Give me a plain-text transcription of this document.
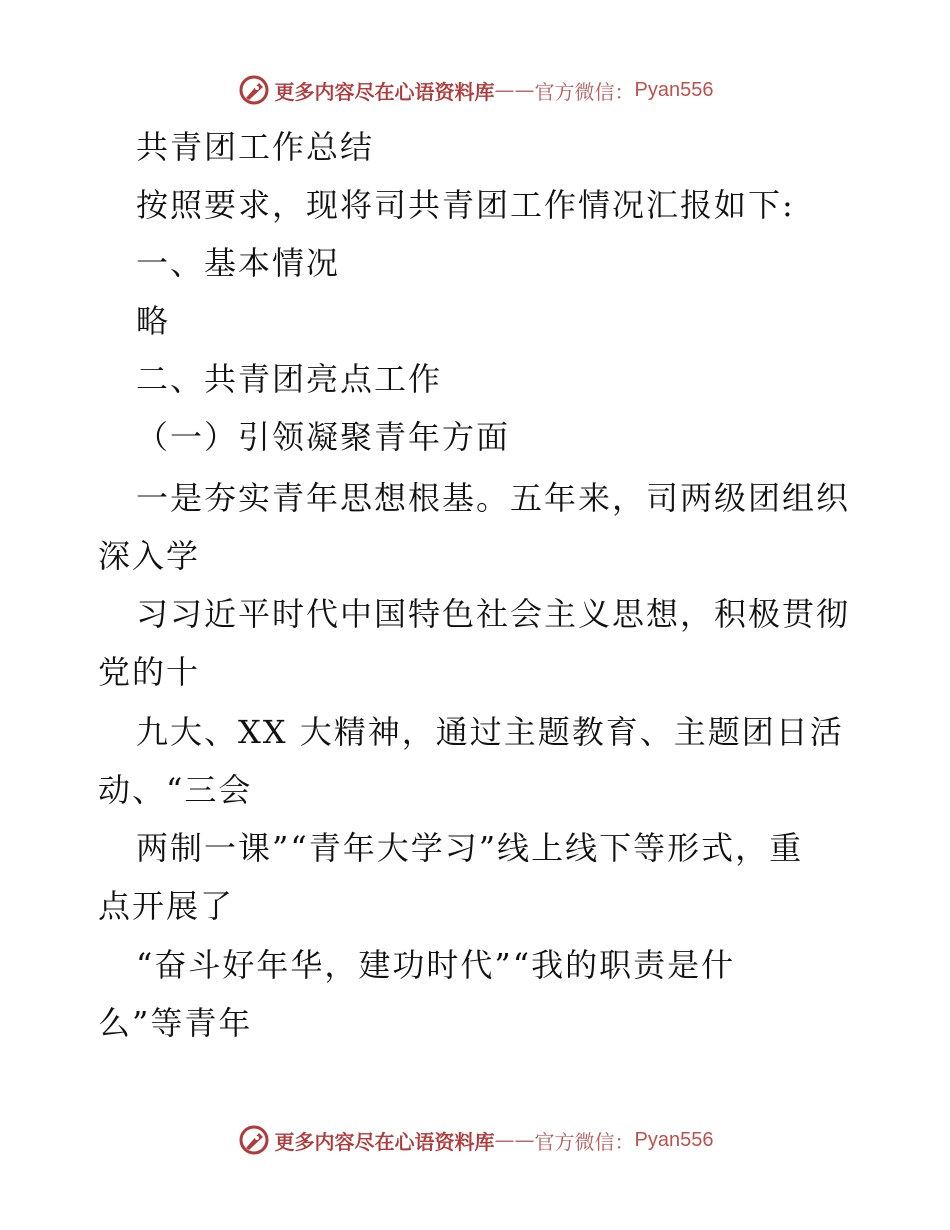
更多内容尽在心语资料库 —— 官方微信： Pyan556
共青团工作总结
按照要求，现将司共青团工作情况汇报如下:
一、基本情况
略
二、共青团亮点工作
（一）引领凝聚青年方面
一是夯实青年思想根基。五年来，司两级团组织
深入学
习习近平时代中国特色社会主义思想，积极贯彻
党的十
九大、XX 大精神，通过主题教育、主题团日活
动、“三会
两制一课”“青年大学习”线上线下等形式，重
点开展了
“奋斗好年华，建功时代”“我的职责是什
么”等青年
更多内容尽在心语资料库 —— 官方微信： Pyan556
